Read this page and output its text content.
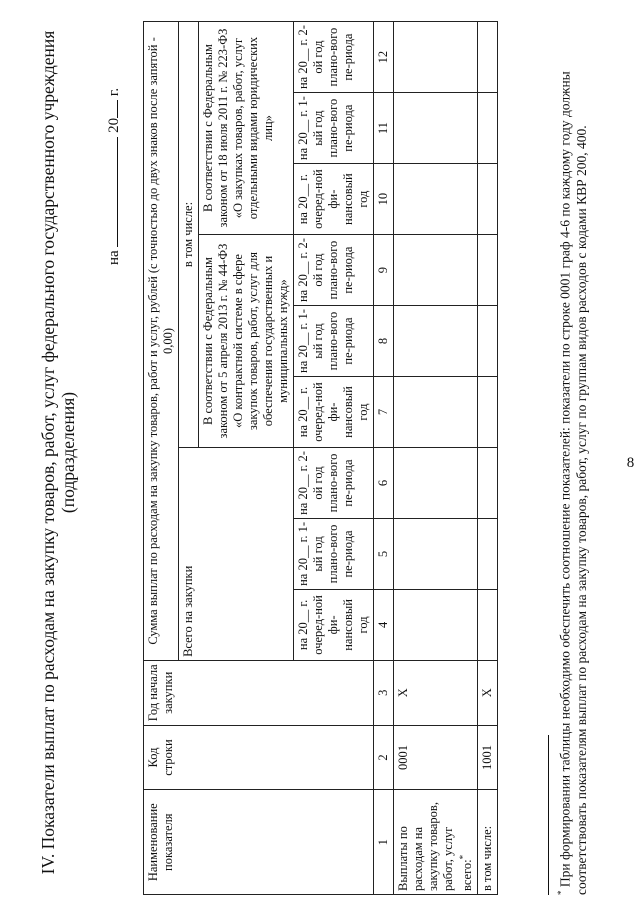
8
IV. Показатели выплат по расходам на закупку товаров, работ, услуг федерального государственного учреждения (подразделения)
на  20 г.
Наименование показателя	Код строки	Год начала закупки	Сумма выплат по расходам на закупку товаров, работ и услуг, рублей (с точностью до двух знаков после запятой - 0,00)								
			Всего на закупки			в том числе:					
						В соответствии с Федеральным законом от 5 апреля 2013 г. № 44-ФЗ «О контрактной системе в сфере закупок товаров, работ, услуг для обеспечения государственных и муниципальных нужд»			В соответствии с Федеральным законом от 18 июля 2011 г. № 223-ФЗ «О закупках товаров, работ, услуг отдельными видами юридических лиц»		
			на 20__ г. очеред-ной фи-нансовый год	на 20__ г. 1-ый год плано-вого пе-риода	на 20__ г. 2-ой год плано-вого пе-риода	на 20__ г. очеред-ной фи-нансовый год	на 20__ г. 1-ый год плано-вого пе-риода	на 20__ г. 2-ой год плано-вого пе-риода	на 20__ г. очеред-ной фи-нансовый год	на 20__ г. 1-ый год плано-вого пе-риода	на 20__ г. 2-ой год плано-вого пе-риода
1	2	3	4	5	6	7	8	9	10	11	12
Выплаты по расходам на закупку товаров, работ, услуг всего:*	0001	X									
в том числе:	1001	X									
* При формировании таблицы необходимо обеспечить соотношение показателей: показатели по строке 0001 граф 4-6 по каждому году должны соответствовать показателям выплат по расходам на закупку товаров, работ, услуг по группам видов расходов с кодами КВР 200, 400.
